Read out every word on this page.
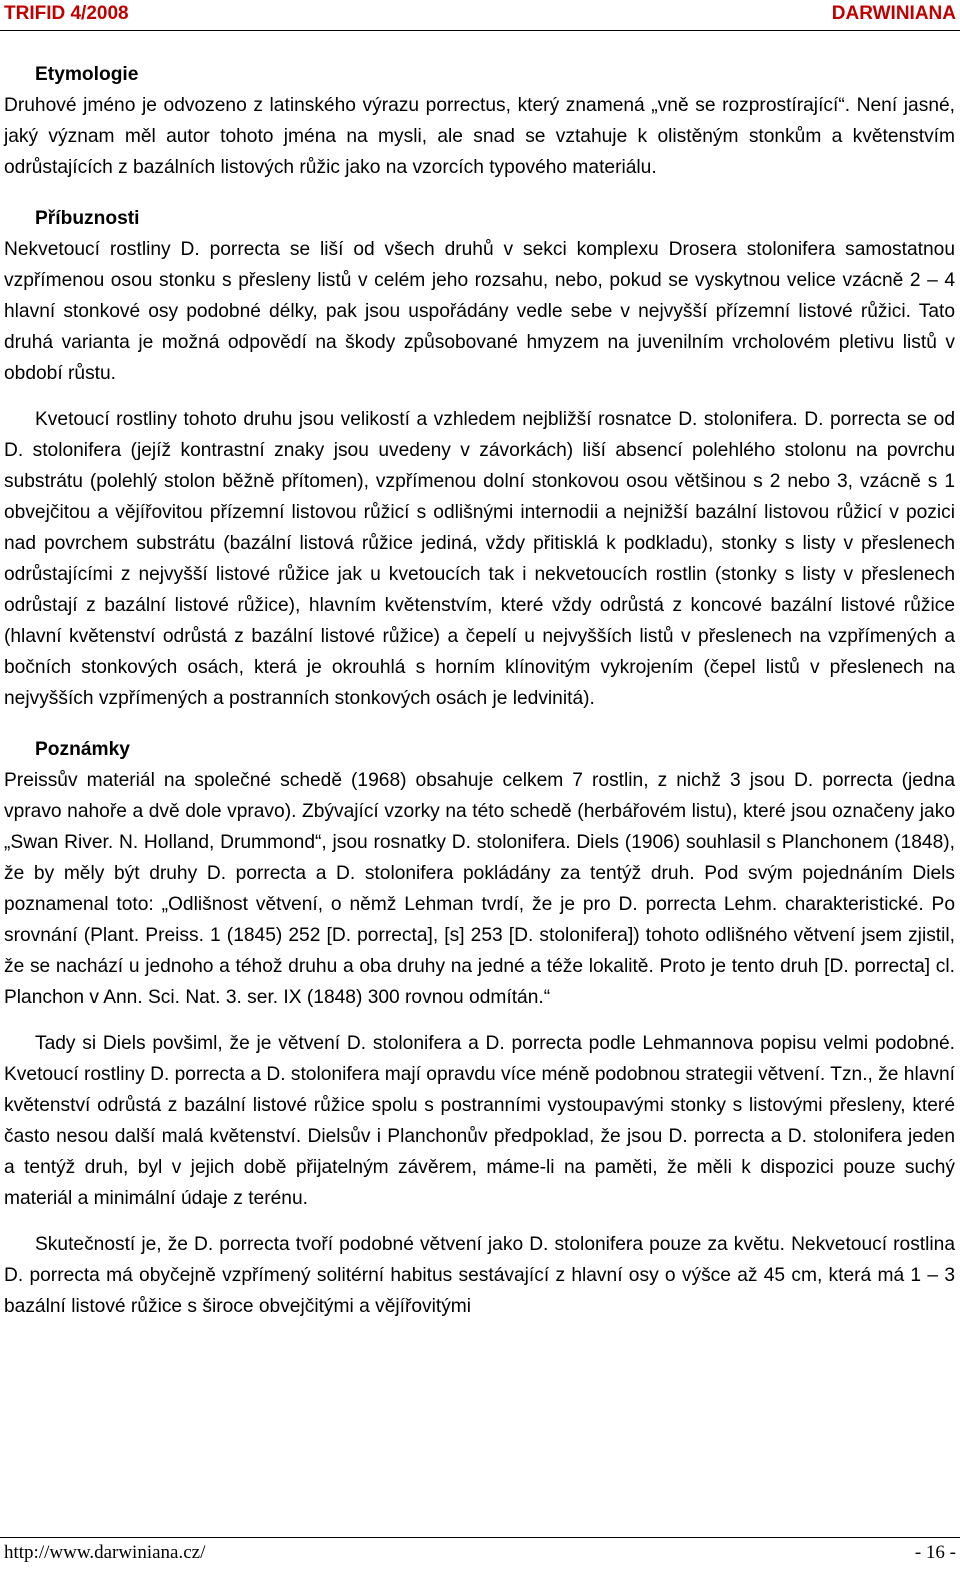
TRIFID 4/2008	DARWINIANA
Etymologie

Druhové jméno je odvozeno z latinského výrazu porrectus, který znamená „vně se rozprostírající“. Není jasné, jaký význam měl autor tohoto jména na mysli, ale snad se vztahuje k olistěným stonkům a květenstvím odrůstajících z bazálních listových růžic jako na vzorcích typového materiálu.

Příbuznosti

Nekvetoucí rostliny D. porrecta se liší od všech druhů v sekci komplexu Drosera stolonifera samostatnou vzpřímenou osou stonku s přesleny listů v celém jeho rozsahu, nebo, pokud se vyskytnou velice vzácně 2 – 4 hlavní stonkové osy podobné délky, pak jsou uspořádány vedle sebe v nejvyšší přízemní listové růžici. Tato druhá varianta je možná odpovědí na škody způsobované hmyzem na juvenilním vrcholovém pletivu listů v období růstu.

Kvetoucí rostliny tohoto druhu jsou velikostí a vzhledem nejbližší rosnatce D. stolonifera. D. porrecta se od D. stolonifera (jejíž kontrastní znaky jsou uvedeny v závorkách) liší absencí polehlého stolonu na povrchu substrátu (polehlý stolon běžně přítomen), vzpřímenou dolní stonkovou osou většinou s 2 nebo 3, vzácně s 1 obvejčitou a vějířovitou přízemní listovou růžicí s odlišnými internodii a nejnižší bazální listovou růžicí v pozici nad povrchem substrátu (bazální listová růžice jediná, vždy přitisklá k podkladu), stonky s listy v přeslenech odrůstajícími z nejvyšší listové růžice jak u kvetoucích tak i nekvetoucích rostlin (stonky s listy v přeslenech odrůstají z bazální listové růžice), hlavním květenstvím, které vždy odrůstá z koncové bazální listové růžice (hlavní květenství odrůstá z bazální listové růžice) a čepelí u nejvyšších listů v přeslenech na vzpřímených a bočních stonkových osách, která je okrouhlá s horním klínovitým vykrojením (čepel listů v přeslenech na nejvyšších vzpřímených a postranních stonkových osách je ledvinitá).

Poznámky

Preissův materiál na společné schedě (1968) obsahuje celkem 7 rostlin, z nichž 3 jsou D. porrecta (jedna vpravo nahoře a dvě dole vpravo). Zbývající vzorky na této schedě (herbářovém listu), které jsou označeny jako „Swan River. N. Holland, Drummond“, jsou rosnatky D. stolonifera. Diels (1906) souhlasil s Planchonem (1848), že by měly být druhy D. porrecta a D. stolonifera pokládány za tentýž druh. Pod svým pojednáním Diels poznamenal toto: „Odlišnost větvení, o němž Lehman tvrdí, že je pro D. porrecta Lehm. charakteristické. Po srovnání (Plant. Preiss. 1 (1845) 252 [D. porrecta], [s] 253 [D. stolonifera]) tohoto odlišného větvení jsem zjistil, že se nachází u jednoho a téhož druhu a oba druhy na jedné a téže lokalitě. Proto je tento druh [D. porrecta] cl. Planchon v Ann. Sci. Nat. 3. ser. IX (1848) 300 rovnou odmítán.“

Tady si Diels povšiml, že je větvení D. stolonifera a D. porrecta podle Lehmannova popisu velmi podobné. Kvetoucí rostliny D. porrecta a D. stolonifera mají opravdu více méně podobnou strategii větvení. Tzn., že hlavní květenství odrůstá z bazální listové růžice spolu s postranními vystoupavými stonky s listovými přesleny, které často nesou další malá květenství. Dielsův i Planchonův předpoklad, že jsou D. porrecta a D. stolonifera jeden a tentýž druh, byl v jejich době přijatelným závěrem, máme-li na paměti, že měli k dispozici pouze suchý materiál a minimální údaje z terénu.

Skutečností je, že D. porrecta tvoří podobné větvení jako D. stolonifera pouze za květu. Nekvetoucí rostlina D. porrecta má obyčejně vzpřímený solitérní habitus sestávající z hlavní osy o výšce až 45 cm, která má 1 – 3 bazální listové růžice s široce obvejčitými a vějířovitými

http://www.darwiniana.cz/	- 16 -
